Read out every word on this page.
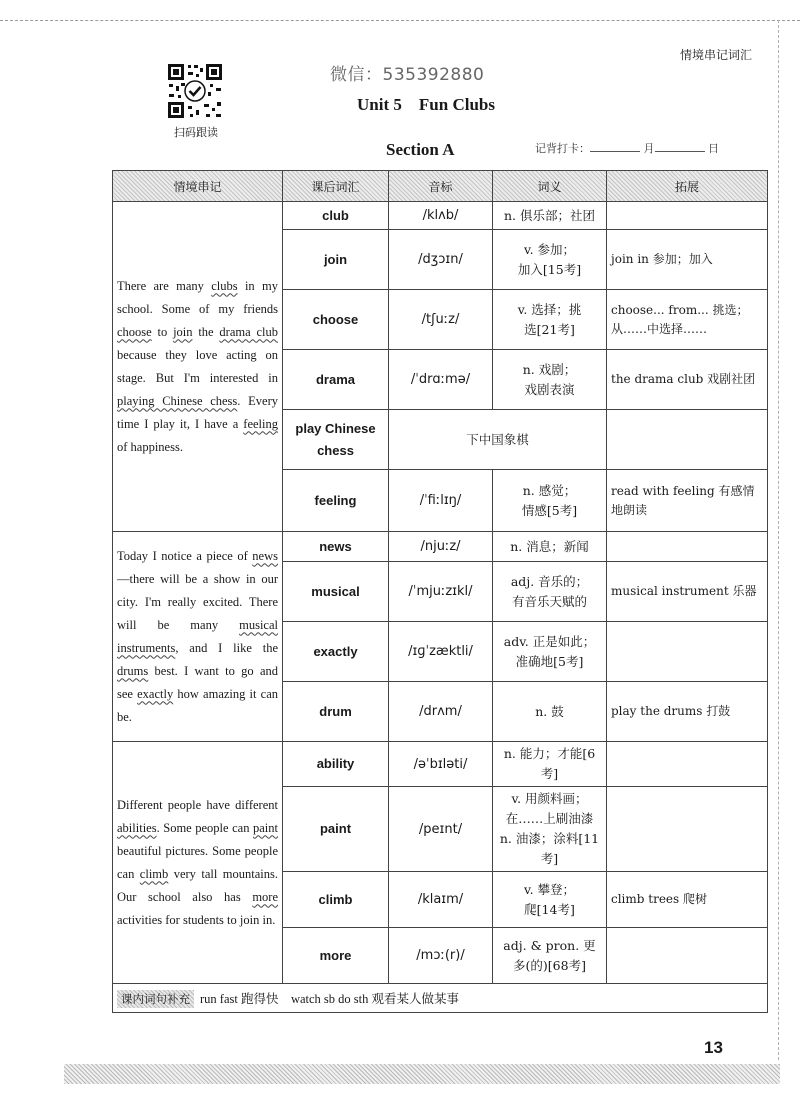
情境串记词汇
扫码跟读
微信：535392880
Unit 5　Fun Clubs
Section A	记背打卡：	月	日
情境串记	课后词汇	音标	词义	拓展
There are many clubs in my school. Some of my friends choose to join the drama club because they love acting on stage. But I'm interested in playing Chinese chess. Every time I play it, I have a feeling of happiness.	club	/klʌb/	n. 俱乐部；社团	

	join	/dʒɔɪn/	v. 参加；
加入[15考]	join in 参加；加入
	choose	/tʃuːz/	v. 选择；挑
选[21考]	choose... from... 挑选；从……中选择……
	drama	/ˈdrɑːmə/	n. 戏剧；
戏剧表演	the drama club 戏剧社团
	play Chinese chess	下中国象棋		

	feeling	/ˈfiːlɪŋ/	n. 感觉；
情感[5考]	read with feeling 有感情地朗读
Today I notice a piece of news—there will be a show in our city. I'm really excited. There will be many musical instruments, and I like the drums best. I want to go and see exactly how amazing it can be.	news	/njuːz/	n. 消息；新闻	

	musical	/ˈmjuːzɪkl/	adj. 音乐的；
有音乐天赋的	musical instrument 乐器
	exactly	/ɪɡˈzæktli/	adv. 正是如此；
准确地[5考]	

	drum	/drʌm/	n. 鼓	play the drums 打鼓
Different people have different abilities. Some people can paint beautiful pictures. Some people can climb very tall mountains. Our school also has more activities for students to join in.	ability	/əˈbɪləti/	n. 能力；才能[6考]	

	paint	/peɪnt/	v. 用颜料画；
在……上刷油漆
n. 油漆；涂料[11考]	

	climb	/klaɪm/	v. 攀登；
爬[14考]	climb trees 爬树
	more	/mɔː(r)/	adj. & pron. 更
多(的)[68考]	

课内词句补充 run fast 跑得快　watch sb do sth 观看某人做某事				
13
